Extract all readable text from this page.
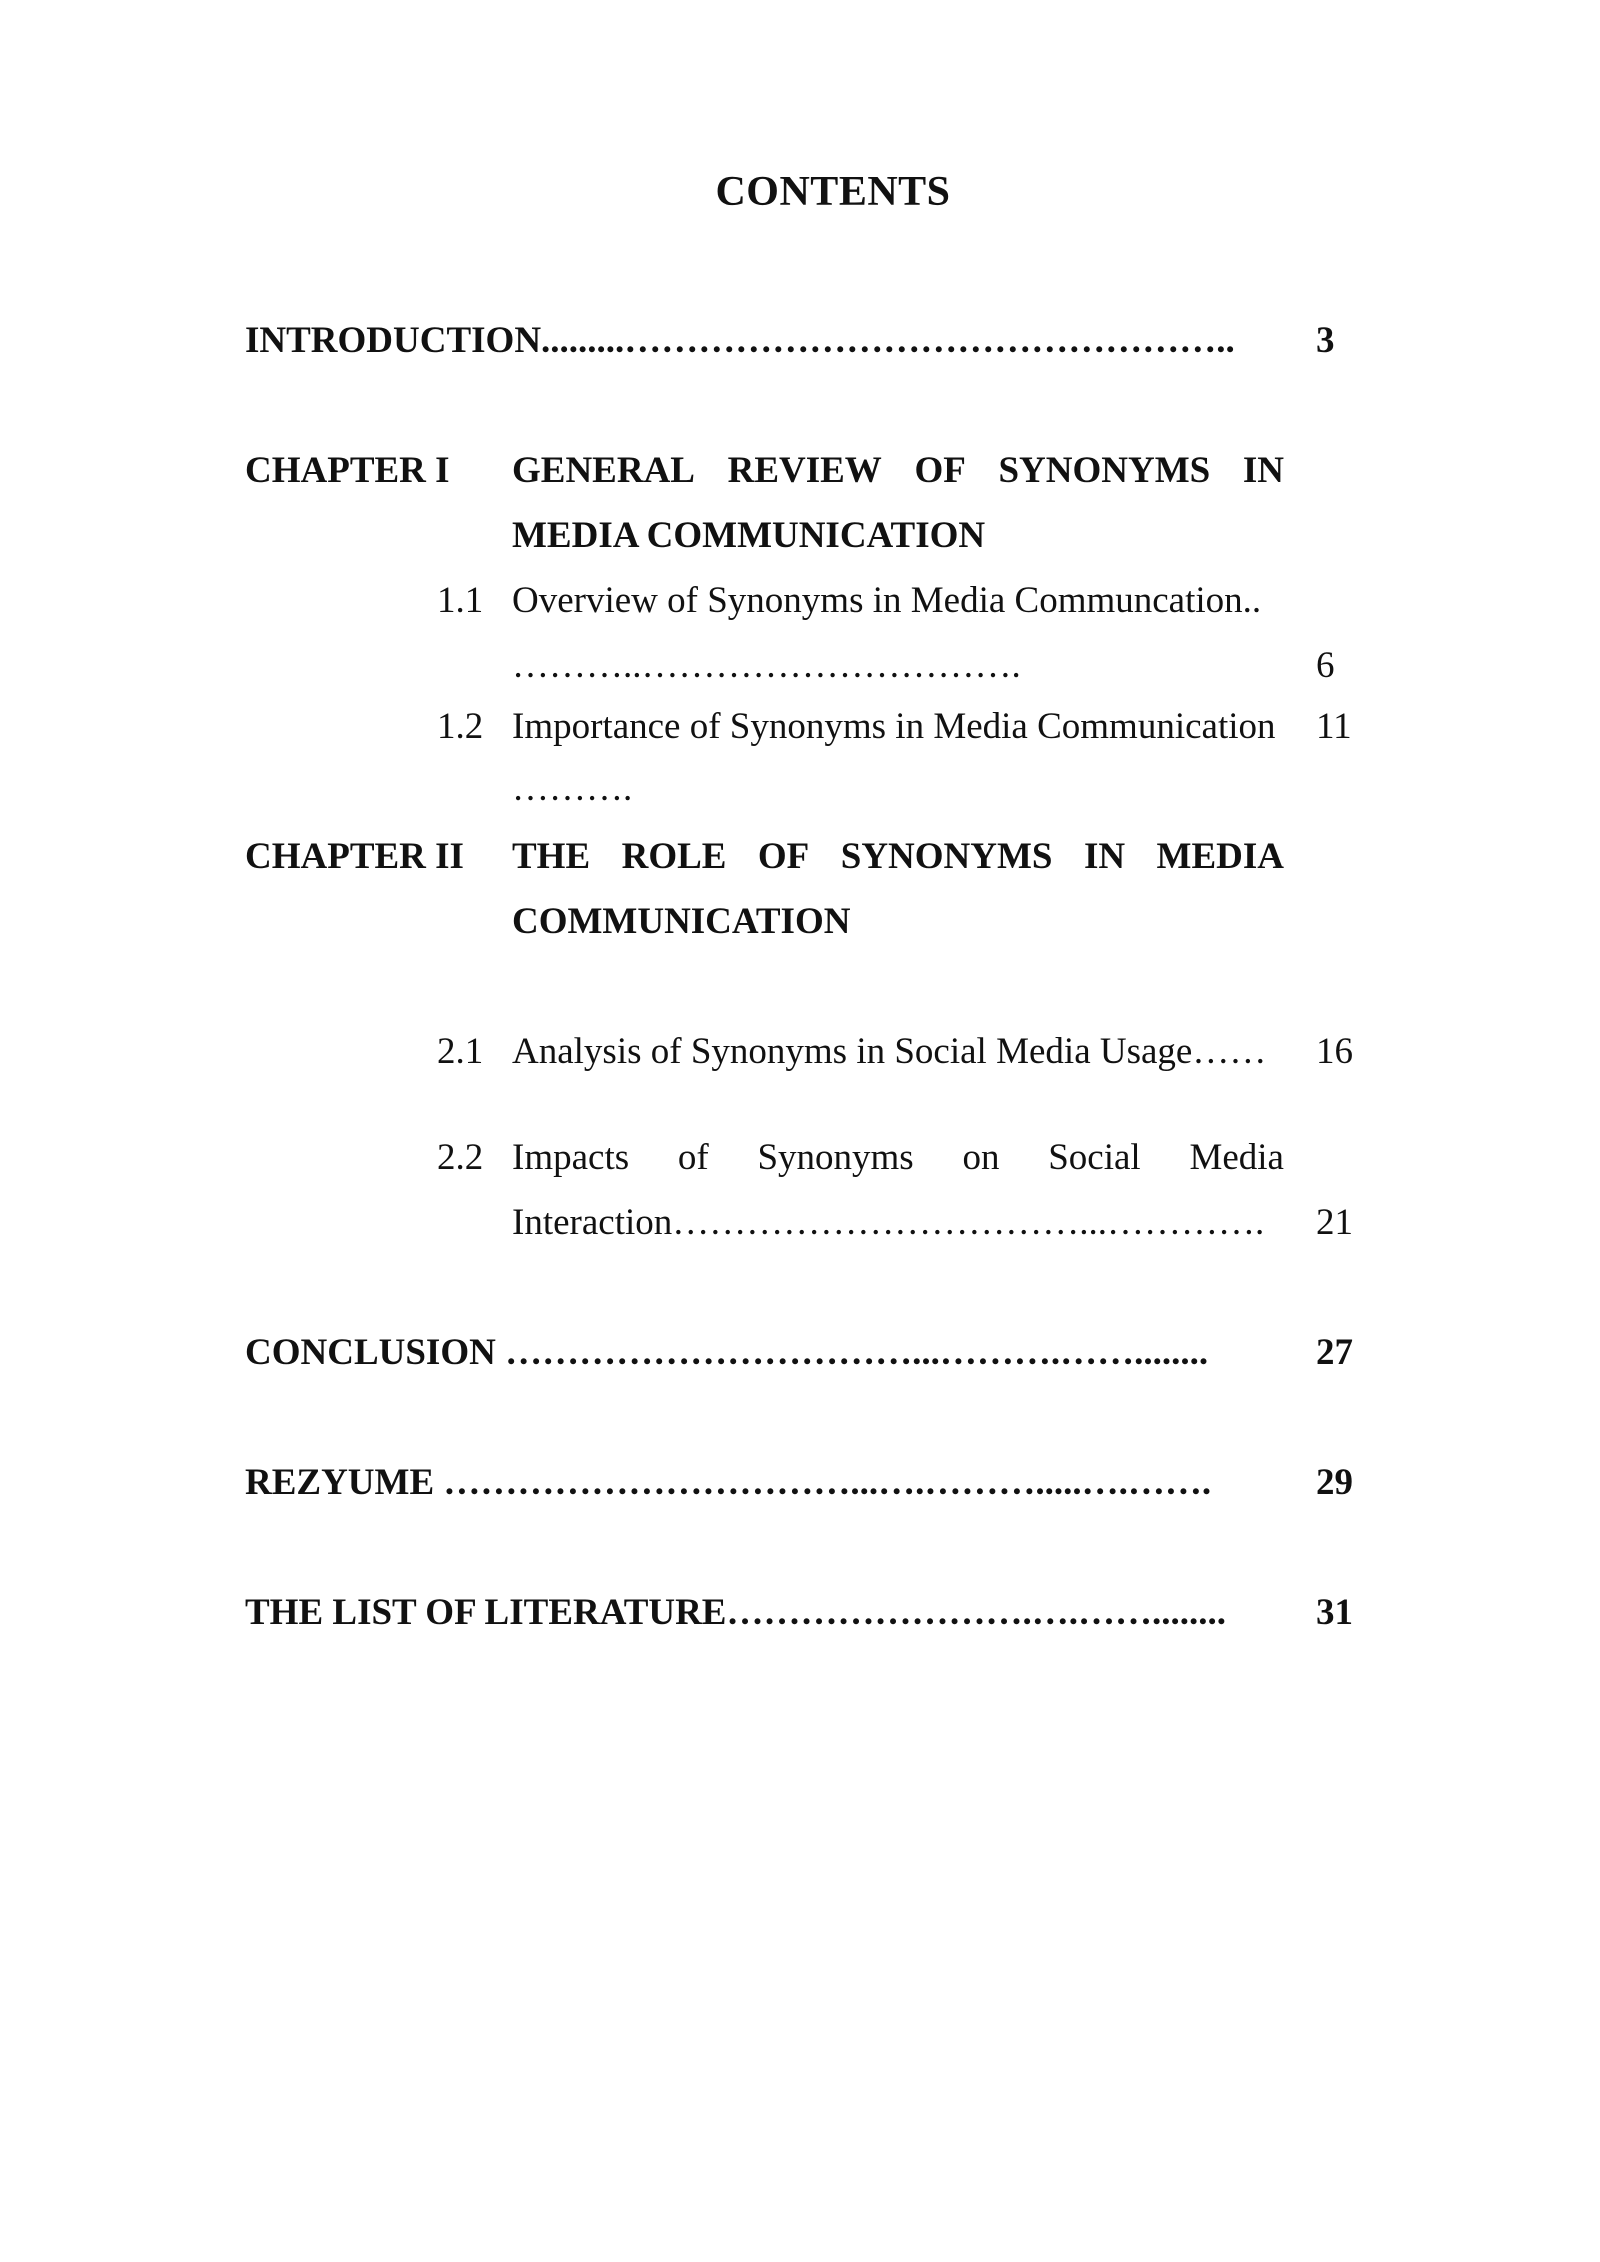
CONTENTS
INTRODUCTION.........………………………………………….. 3
CHAPTER I GENERAL REVIEW OF SYNONYMS IN
MEDIA COMMUNICATION
1.1 Overview of Synonyms in Media Communcation..
………..………………………….	6
1.2 Importance of Synonyms in Media Communication 11
……….
CHAPTER II THE ROLE OF SYNONYMS IN MEDIA
COMMUNICATION
2.1 Analysis of Synonyms in Social Media Usage…… 16
2.2 Impacts of Synonyms on Social Media
Interaction……………………………...…………. 21
CONCLUSION ……………………………...……….……........	27
REZYUME ……………………………...….……….....….…….	29
THE LIST OF LITERATURE…………………….….……........ 31
